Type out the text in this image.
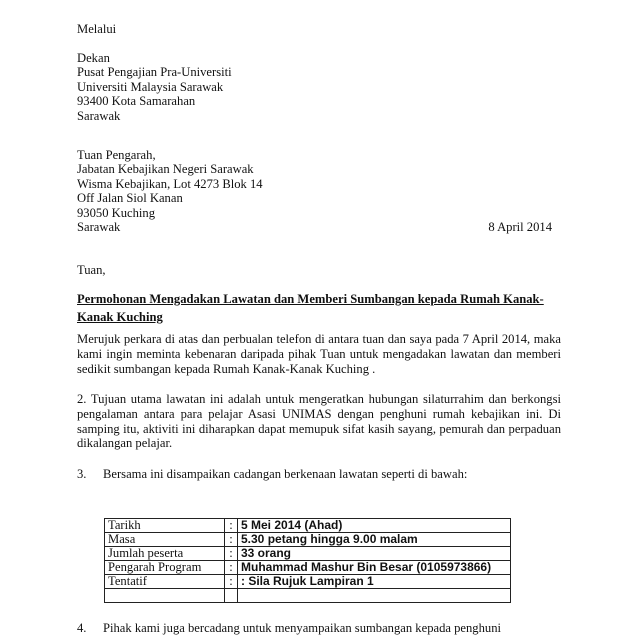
Melalui
Dekan
Pusat Pengajian Pra-Universiti
Universiti Malaysia Sarawak
93400 Kota Samarahan
Sarawak
Tuan Pengarah,
Jabatan Kebajikan Negeri Sarawak
Wisma Kebajikan, Lot 4273 Blok 14
Off Jalan Siol Kanan
93050 Kuching
Sarawak	8 April 2014
Tuan,
Permohonan Mengadakan Lawatan dan Memberi Sumbangan kepada Rumah Kanak-Kanak Kuching
Merujuk perkara di atas dan perbualan telefon di antara tuan dan saya pada 7 April 2014, maka kami ingin meminta kebenaran daripada pihak Tuan untuk mengadakan lawatan dan memberi sedikit sumbangan kepada Rumah Kanak-Kanak Kuching .
2. Tujuan utama lawatan ini adalah untuk mengeratkan hubungan silaturrahim dan berkongsi pengalaman antara para pelajar Asasi UNIMAS dengan penghuni rumah kebajikan ini. Di samping itu, aktiviti ini diharapkan dapat memupuk sifat kasih sayang, pemurah dan perpaduan dikalangan pelajar.
3. Bersama ini disampaikan cadangan berkenaan lawatan seperti di bawah:
Tarikh	:	5 Mei 2014 (Ahad)
Masa	:	5.30 petang hingga 9.00 malam
Jumlah peserta	:	33 orang
Pengarah Program	:	Muhammad Mashur Bin Besar (0105973866)
Tentatif	:	: Sila Rujuk Lampiran 1

4. Pihak kami juga bercadang untuk menyampaikan sumbangan kepada penghuni
